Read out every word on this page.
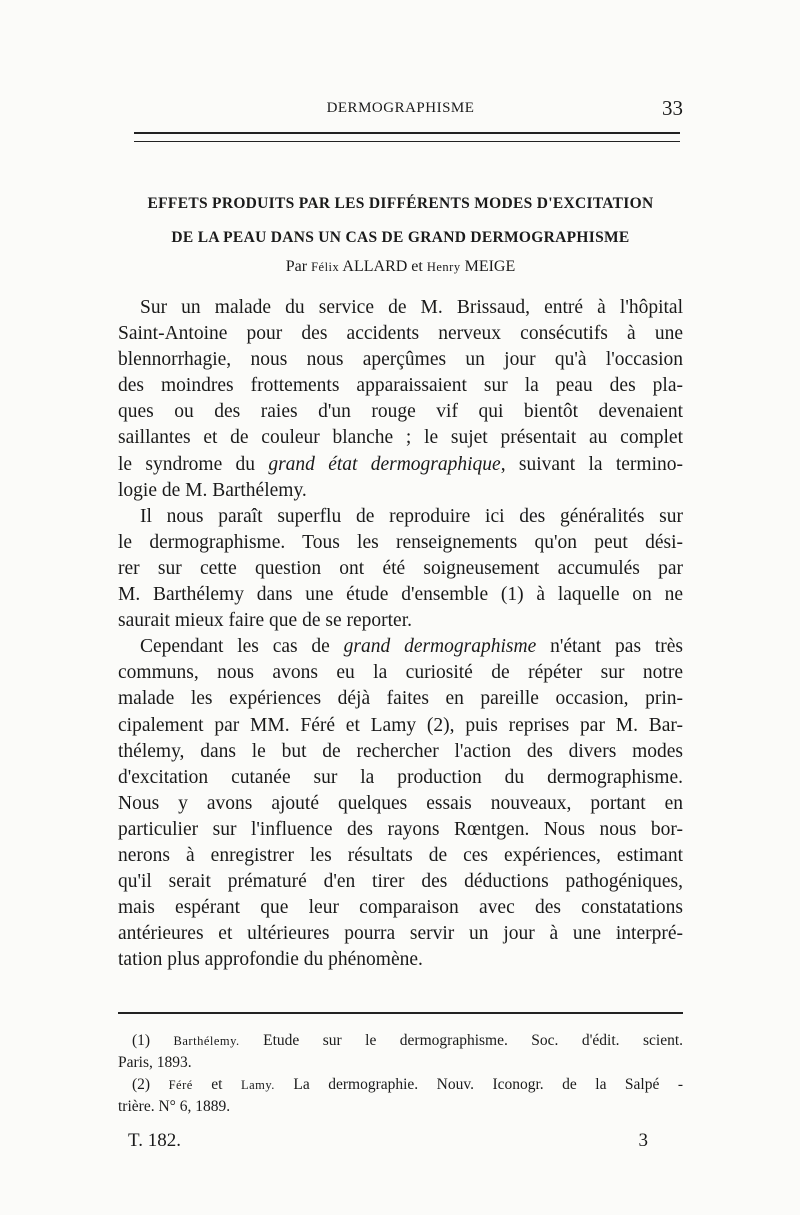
DERMOGRAPHISME	33
EFFETS PRODUITS PAR LES DIFFÉRENTS MODES D'EXCITATION
DE LA PEAU DANS UN CAS DE GRAND DERMOGRAPHISME
Par Félix ALLARD et Henry MEIGE

Sur un malade du service de M. Brissaud, entré à l'hôpital
Saint-Antoine pour des accidents nerveux consécutifs à une
blennorrhagie, nous nous aperçûmes un jour qu'à l'occasion
des moindres frottements apparaissaient sur la peau des pla-
ques ou des raies d'un rouge vif qui bientôt devenaient
saillantes et de couleur blanche ; le sujet présentait au complet
le syndrome du grand état dermographique, suivant la termino-
logie de M. Barthélemy.

Il nous paraît superflu de reproduire ici des généralités sur
le dermographisme. Tous les renseignements qu'on peut dési-
rer sur cette question ont été soigneusement accumulés par
M. Barthélemy dans une étude d'ensemble (1) à laquelle on ne
saurait mieux faire que de se reporter.

Cependant les cas de grand dermographisme n'étant pas très
communs, nous avons eu la curiosité de répéter sur notre
malade les expériences déjà faites en pareille occasion, prin-
cipalement par MM. Féré et Lamy (2), puis reprises par M. Bar-
thélemy, dans le but de rechercher l'action des divers modes
d'excitation cutanée sur la production du dermographisme.
Nous y avons ajouté quelques essais nouveaux, portant en
particulier sur l'influence des rayons Rœntgen. Nous nous bor-
nerons à enregistrer les résultats de ces expériences, estimant
qu'il serait prématuré d'en tirer des déductions pathogéniques,
mais espérant que leur comparaison avec des constatations
antérieures et ultérieures pourra servir un jour à une interpré-
tation plus approfondie du phénomène.

(1) Barthélemy. Etude sur le dermographisme. Soc. d'édit. scient.
Paris, 1893.
(2) Féré et Lamy. La dermographie. Nouv. Iconogr. de la Salpé -
trière. N° 6, 1889.
T. 182.	3
